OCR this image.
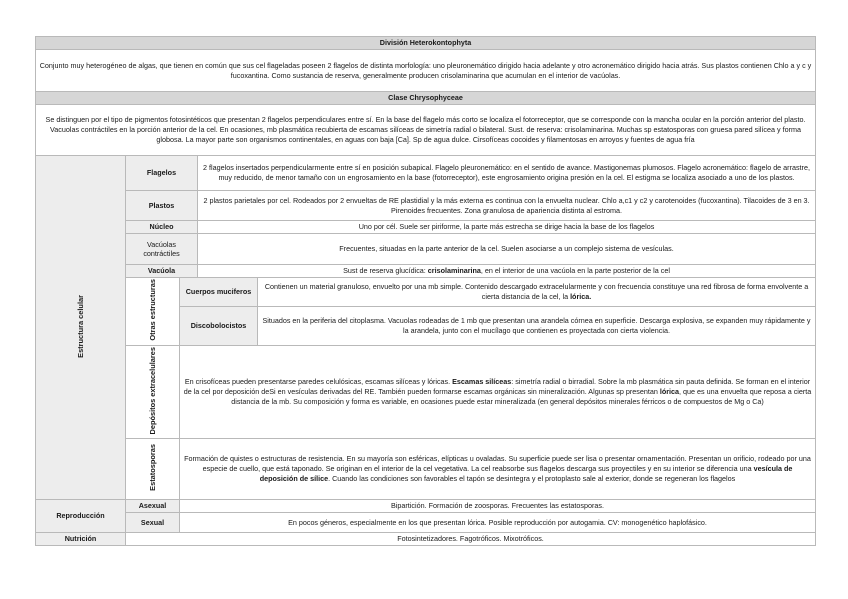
División Heterokontophyta				
Conjunto muy heterogéneo de algas, que tienen en común que sus cel flageladas poseen 2 flagelos de distinta morfología: uno pleuronemático dirigido hacia adelante y otro acronemático dirigido hacia atrás. Sus plastos contienen Chlo a y c y fucoxantina. Como sustancia de reserva, generalmente producen crisolaminarina que acumulan en el interior de vacúolas.				
Clase Chrysophyceae				
Se distinguen por el tipo de pigmentos fotosintéticos que presentan 2 flagelos perpendiculares entre sí. En la base del flagelo más corto se localiza el fotorreceptor, que se corresponde con la mancha ocular en la porción anterior del plasto. Vacuolas contráctiles en la porción anterior de la cel. En ocasiones, mb plasmática recubierta de escamas silíceas de simetría radial o bilateral. Sust. de reserva: crisolaminarina. Muchas sp estatosporas con gruesa pared silícea y forma globosa. La mayor parte son organismos continentales, en aguas con baja [Ca]. Sp de agua dulce. Cirsofíceas cocoides y filamentosas en arroyos y fuentes de agua fría				
Estructura celular	Flagelos		2 flagelos insertados perpendicularmente entre sí en posición subapical. Flagelo pleuronemático: en el sentido de avance. Mastigonemas plumosos. Flagelo acronemático: flagelo de arrastre, muy reducido, de menor tamaño con un engrosamiento en la base (fotorreceptor), este engrosamiento origina presión en la cel. El estigma se localiza asociado a uno de los plastos.	
	Plastos		2 plastos parietales por cel. Rodeados por 2 envueltas de RE plastidial y la más externa es continua con la envuelta nuclear. Chlo a,c1 y c2 y carotenoides (fucoxantina). Tilacoides de 3 en 3. Pirenoides frecuentes. Zona granulosa de apariencia distinta al estroma.	
	Núcleo		Uno por cél. Suele ser piriforme, la parte más estrecha se dirige hacia la base de los flagelos	
	Vacúolas contráctiles		Frecuentes, situadas en la parte anterior de la cel. Suelen asociarse a un complejo sistema de vesículas.	
	Vacúola		Sust de reserva glucídica: crisolaminarina, en el interior de una vacúola en la parte posterior de la cel	
	Otras estructuras	Cuerpos muciferos		Contienen un material granuloso, envuelto por una mb simple. Contenido descargado extracelularmente y con frecuencia constituye una red fibrosa de forma envolvente a cierta distancia de la cel, la lórica.
		Discobolocistos		Situados en la periferia del citoplasma. Vacuolas rodeadas de 1 mb que presentan una arandela córnea en superficie. Descarga explosiva, se expanden muy rápidamente y la arandela, junto con el mucílago que contienen es proyectada con cierta violencia.
	Depósitos extracelulares	En crisofíceas pueden presentarse paredes celulósicas, escamas silíceas y lóricas. Escamas silíceas: simetría radial o birradial. Sobre la mb plasmática sin pauta definida. Se forman en el interior de la cel por deposición deSi en vesículas derivadas del RE. También pueden formarse escamas orgánicas sin mineralización. Algunas sp presentan lórica, que es una envuelta que reposa a cierta distancia de la mb. Su composición y forma es variable, en ocasiones puede estar mineralizada (en general depósitos minerales férricos o de compuestos de Mg o Ca)		
	Estatosporas	Formación de quistes o estructuras de resistencia. En su mayoría son esféricas, elípticas u ovaladas. Su superficie puede ser lisa o presentar ornamentación. Presentan un orificio, rodeado por una especie de cuello, que está taponado. Se originan en el interior de la cel vegetativa. La cel reabsorbe sus flagelos descarga sus proyectiles y en su interior se diferencia una vesícula de deposición de sílice. Cuando las condiciones son favorables el tapón se desintegra y el protoplasto sale al exterior, donde se regeneran los flagelos		

Reproducción	Asexual	Bipartición. Formación de zoosporas. Frecuentes las estatosporas.		
	Sexual	En pocos géneros, especialmente en los que presentan lórica. Posible reproducción por autogamia. CV: monogenético haplofásico.		
Nutrición	Fotosintetizadores. Fagotróficos. Mixotróficos.			
